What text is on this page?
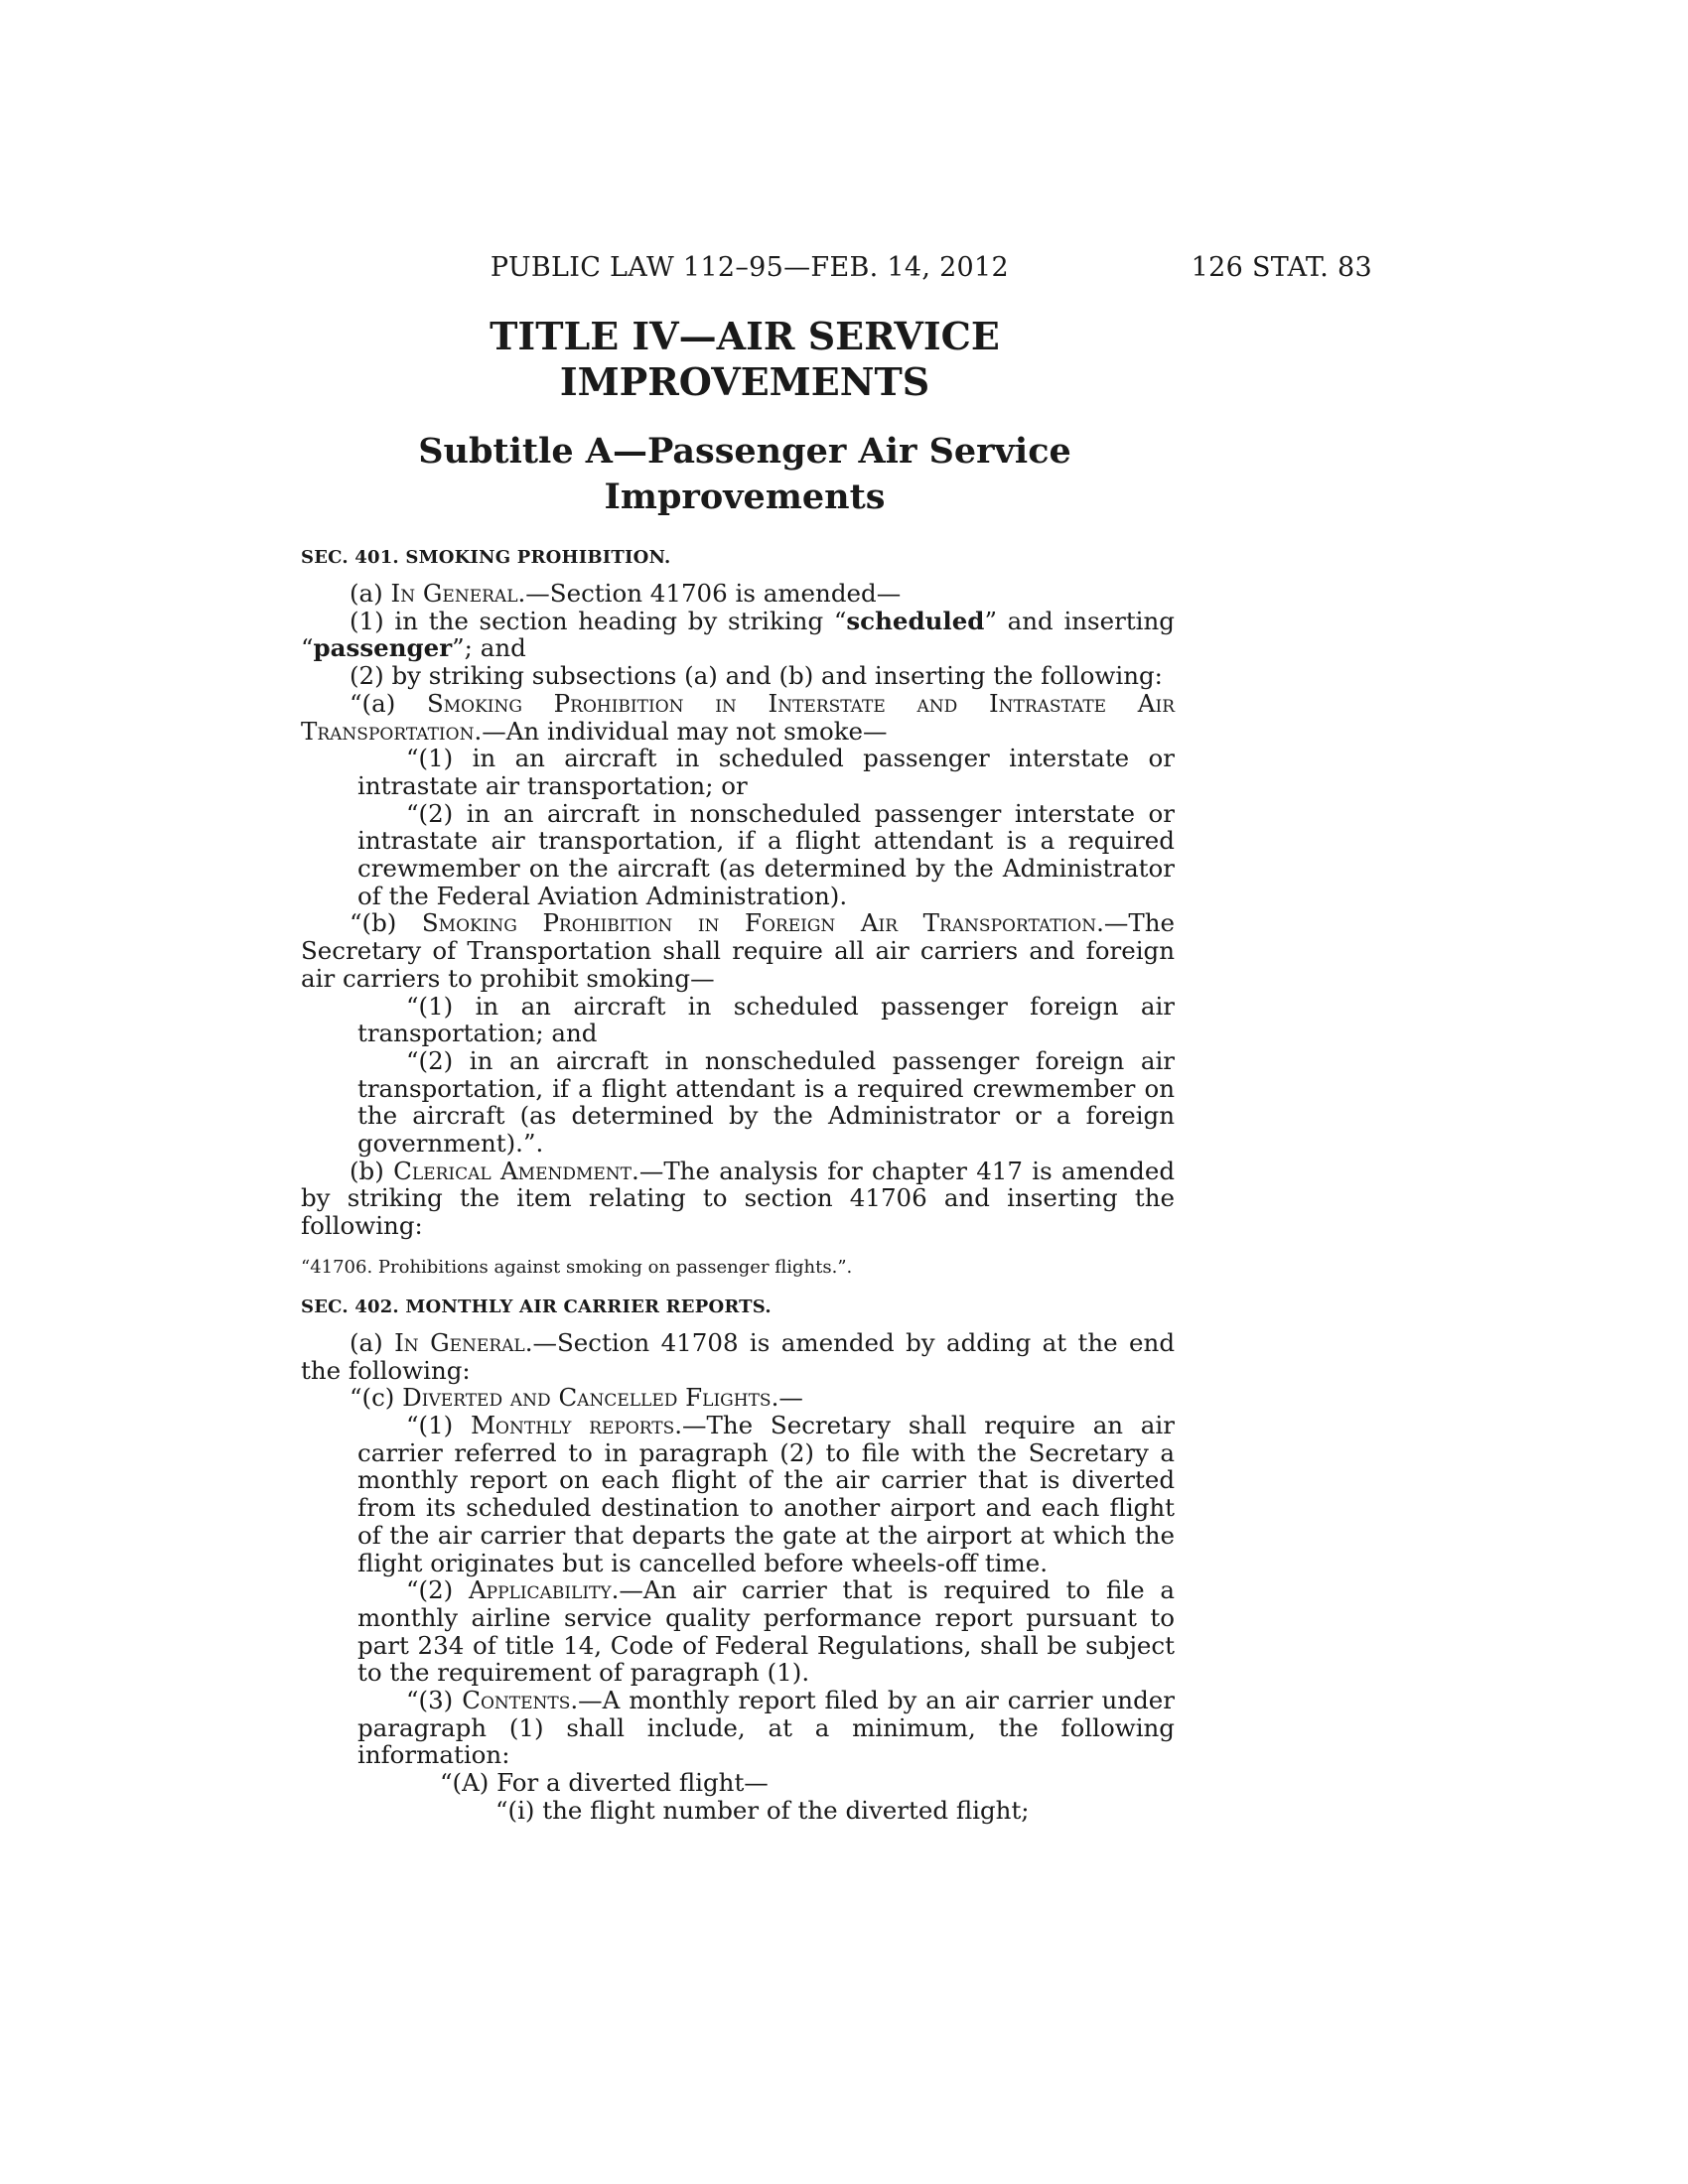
PUBLIC LAW 112–95—FEB. 14, 2012	126 STAT. 83
TITLE IV—AIR SERVICE
IMPROVEMENTS
Subtitle A—Passenger Air Service
Improvements

SEC. 401. SMOKING PROHIBITION.

(a) In General.—Section 41706 is amended—

(1) in the section heading by striking “scheduled” and inserting “passenger”; and

(2) by striking subsections (a) and (b) and inserting the following:

“(a) Smoking Prohibition in Interstate and Intrastate Air Transportation.—An individual may not smoke—

“(1) in an aircraft in scheduled passenger interstate or intrastate air transportation; or

“(2) in an aircraft in nonscheduled passenger interstate or intrastate air transportation, if a flight attendant is a required crewmember on the aircraft (as determined by the Administrator of the Federal Aviation Administration).

“(b) Smoking Prohibition in Foreign Air Transportation.—The Secretary of Transportation shall require all air carriers and foreign air carriers to prohibit smoking—

“(1) in an aircraft in scheduled passenger foreign air transportation; and

“(2) in an aircraft in nonscheduled passenger foreign air transportation, if a flight attendant is a required crewmember on the aircraft (as determined by the Administrator or a foreign government).”.

(b) Clerical Amendment.—The analysis for chapter 417 is amended by striking the item relating to section 41706 and inserting the following:

“41706. Prohibitions against smoking on passenger flights.”.

SEC. 402. MONTHLY AIR CARRIER REPORTS.

(a) In General.—Section 41708 is amended by adding at the end the following:

“(c) Diverted and Cancelled Flights.—

“(1) Monthly reports.—The Secretary shall require an air carrier referred to in paragraph (2) to file with the Secretary a monthly report on each flight of the air carrier that is diverted from its scheduled destination to another airport and each flight of the air carrier that departs the gate at the airport at which the flight originates but is cancelled before wheels-off time.

“(2) Applicability.—An air carrier that is required to file a monthly airline service quality performance report pursuant to part 234 of title 14, Code of Federal Regulations, shall be subject to the requirement of paragraph (1).

“(3) Contents.—A monthly report filed by an air carrier under paragraph (1) shall include, at a minimum, the following information:

“(A) For a diverted flight—

“(i) the flight number of the diverted flight;
